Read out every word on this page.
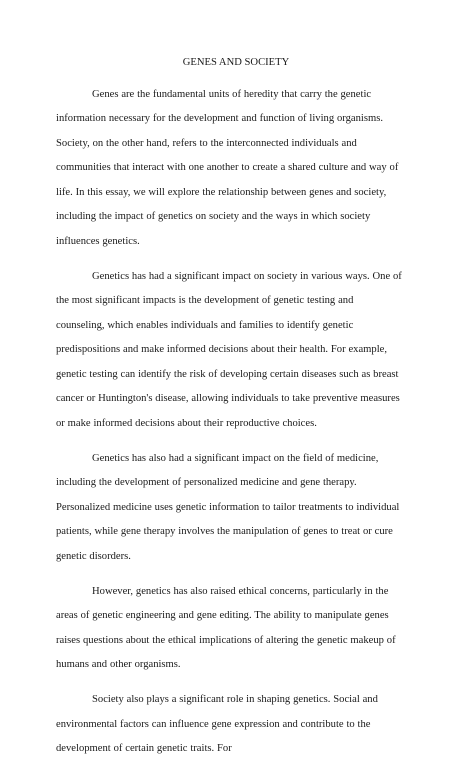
GENES AND SOCIETY

Genes are the fundamental units of heredity that carry the genetic information necessary for the development and function of living organisms. Society, on the other hand, refers to the interconnected individuals and communities that interact with one another to create a shared culture and way of life. In this essay, we will explore the relationship between genes and society, including the impact of genetics on society and the ways in which society influences genetics.

Genetics has had a significant impact on society in various ways. One of the most significant impacts is the development of genetic testing and counseling, which enables individuals and families to identify genetic predispositions and make informed decisions about their health. For example, genetic testing can identify the risk of developing certain diseases such as breast cancer or Huntington's disease, allowing individuals to take preventive measures or make informed decisions about their reproductive choices.

Genetics has also had a significant impact on the field of medicine, including the development of personalized medicine and gene therapy. Personalized medicine uses genetic information to tailor treatments to individual patients, while gene therapy involves the manipulation of genes to treat or cure genetic disorders.

However, genetics has also raised ethical concerns, particularly in the areas of genetic engineering and gene editing. The ability to manipulate genes raises questions about the ethical implications of altering the genetic makeup of humans and other organisms.

Society also plays a significant role in shaping genetics. Social and environmental factors can influence gene expression and contribute to the development of certain genetic traits. For
